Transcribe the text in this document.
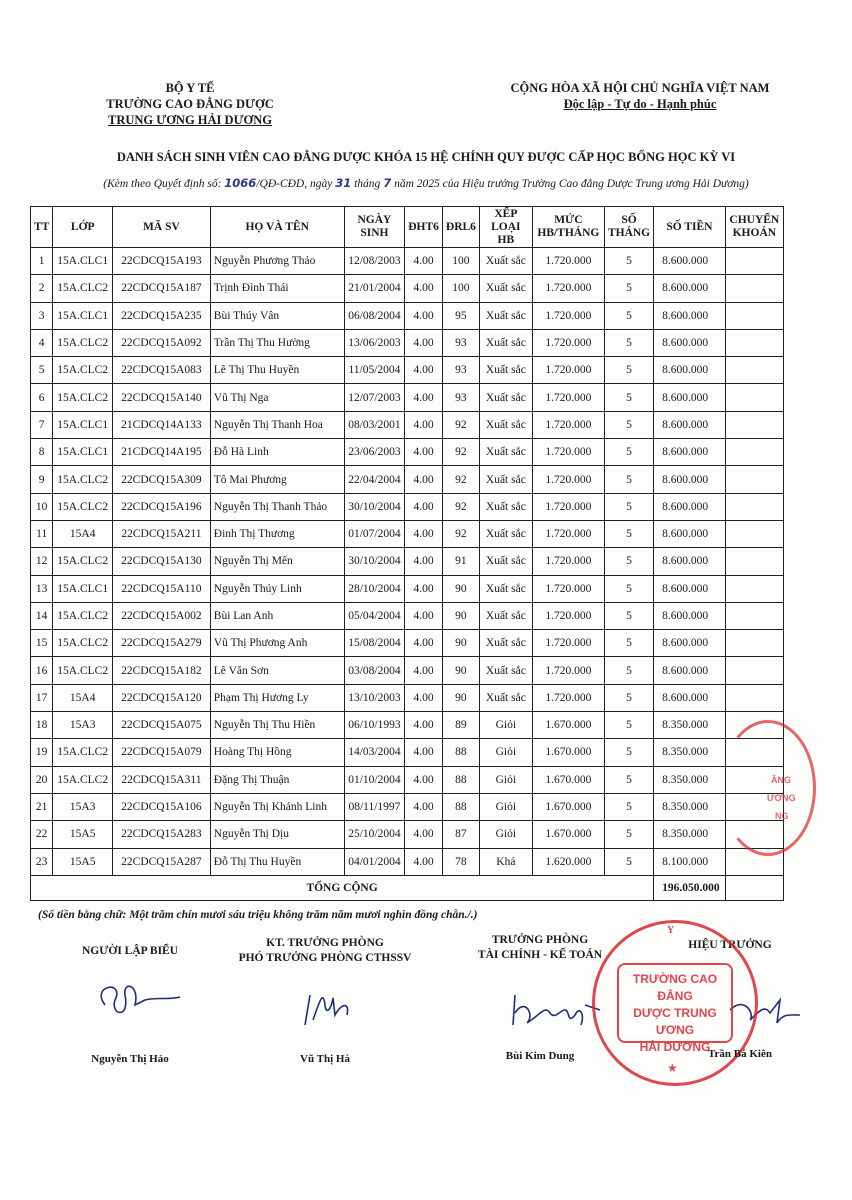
BỘ Y TẾ
TRƯỜNG CAO ĐẲNG DƯỢC
TRUNG ƯƠNG HẢI DƯƠNG
CỘNG HÒA XÃ HỘI CHỦ NGHĨA VIỆT NAM
Độc lập - Tự do - Hạnh phúc
DANH SÁCH SINH VIÊN CAO ĐẲNG DƯỢC KHÓA 15 HỆ CHÍNH QUY ĐƯỢC CẤP HỌC BỔNG HỌC KỲ VI
(Kèm theo Quyết định số: 1066/QĐ-CĐD, ngày 31 tháng 7 năm 2025 của Hiệu trưởng Trường Cao đẳng Dược Trung ương Hải Dương)
TT	LỚP	MÃ SV	HỌ VÀ TÊN	NGÀY SINH	ĐHT6	ĐRL6	XẾP LOẠI HB	MỨC HB/THÁNG	SỐ THÁNG	SỐ TIỀN	CHUYỂN KHOẢN
1	15A.CLC1	22CDCQ15A193	Nguyễn Phương Thảo	12/08/2003	4.00	100	Xuất sắc	1.720.000	5	8.600.000	
2	15A.CLC2	22CDCQ15A187	Trịnh Đình Thái	21/01/2004	4.00	100	Xuất sắc	1.720.000	5	8.600.000	
3	15A.CLC1	22CDCQ15A235	Bùi Thúy Vân	06/08/2004	4.00	95	Xuất sắc	1.720.000	5	8.600.000	
4	15A.CLC2	22CDCQ15A092	Trần Thị Thu Hường	13/06/2003	4.00	93	Xuất sắc	1.720.000	5	8.600.000	
5	15A.CLC2	22CDCQ15A083	Lê Thị Thu Huyền	11/05/2004	4.00	93	Xuất sắc	1.720.000	5	8.600.000	
6	15A.CLC2	22CDCQ15A140	Vũ Thị Nga	12/07/2003	4.00	93	Xuất sắc	1.720.000	5	8.600.000	
7	15A.CLC1	21CDCQ14A133	Nguyễn Thị Thanh Hoa	08/03/2001	4.00	92	Xuất sắc	1.720.000	5	8.600.000	
8	15A.CLC1	21CDCQ14A195	Đỗ Hà Linh	23/06/2003	4.00	92	Xuất sắc	1.720.000	5	8.600.000	
9	15A.CLC2	22CDCQ15A309	Tô Mai Phương	22/04/2004	4.00	92	Xuất sắc	1.720.000	5	8.600.000	
10	15A.CLC2	22CDCQ15A196	Nguyễn Thị Thanh Thảo	30/10/2004	4.00	92	Xuất sắc	1.720.000	5	8.600.000	
11	15A4	22CDCQ15A211	Đinh Thị Thương	01/07/2004	4.00	92	Xuất sắc	1.720.000	5	8.600.000	
12	15A.CLC2	22CDCQ15A130	Nguyễn Thị Mến	30/10/2004	4.00	91	Xuất sắc	1.720.000	5	8.600.000	
13	15A.CLC1	22CDCQ15A110	Nguyễn Thúy Linh	28/10/2004	4.00	90	Xuất sắc	1.720.000	5	8.600.000	
14	15A.CLC2	22CDCQ15A002	Bùi Lan Anh	05/04/2004	4.00	90	Xuất sắc	1.720.000	5	8.600.000	
15	15A.CLC2	22CDCQ15A279	Vũ Thị Phương Anh	15/08/2004	4.00	90	Xuất sắc	1.720.000	5	8.600.000	
16	15A.CLC2	22CDCQ15A182	Lê Văn Sơn	03/08/2004	4.00	90	Xuất sắc	1.720.000	5	8.600.000	
17	15A4	22CDCQ15A120	Phạm Thị Hương Ly	13/10/2003	4.00	90	Xuất sắc	1.720.000	5	8.600.000	
18	15A3	22CDCQ15A075	Nguyễn Thị Thu Hiền	06/10/1993	4.00	89	Giỏi	1.670.000	5	8.350.000	
19	15A.CLC2	22CDCQ15A079	Hoàng Thị Hồng	14/03/2004	4.00	88	Giỏi	1.670.000	5	8.350.000	
20	15A.CLC2	22CDCQ15A311	Đặng Thị Thuận	01/10/2004	4.00	88	Giỏi	1.670.000	5	8.350.000	
21	15A3	22CDCQ15A106	Nguyễn Thị Khánh Linh	08/11/1997	4.00	88	Giỏi	1.670.000	5	8.350.000	
22	15A5	22CDCQ15A283	Nguyễn Thị Dịu	25/10/2004	4.00	87	Giỏi	1.670.000	5	8.350.000	
23	15A5	22CDCQ15A287	Đỗ Thị Thu Huyền	04/01/2004	4.00	78	Khá	1.620.000	5	8.100.000	
TỔNG CỘNG										196.050.000	
(Số tiền bằng chữ: Một trăm chín mươi sáu triệu không trăm năm mươi nghìn đồng chẵn./.)
NGƯỜI LẬP BIỂU
KT. TRƯỞNG PHÒNG
PHÓ TRƯỞNG PHÒNG CTHSSV
TRƯỞNG PHÒNG
TÀI CHÍNH - KẾ TOÁN
HIỆU TRƯỞNG
Y
TRƯỜNG CAO ĐẲNG
DƯỢC TRUNG ƯƠNG
HẢI DƯƠNG
★
ĂNG
ƯƠNG
NG
Nguyễn Thị Hảo	Vũ Thị Hà	Bùi Kim Dung	Trần Bá Kiên
